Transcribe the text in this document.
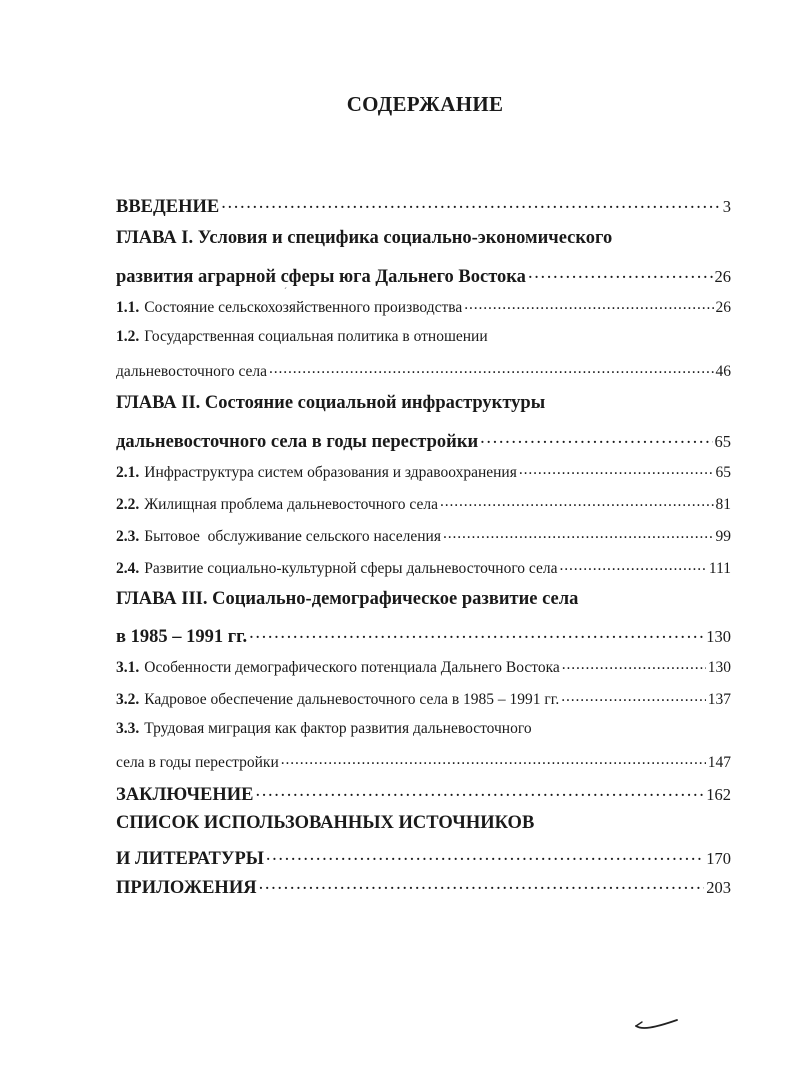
СОДЕРЖАНИЕ
ВВЕДЕНИЕ . . .	3
ГЛАВА I. Условия и специфика социально-экономического
развития аграрной сферы юга Дальнего Востока . . .	26
1.1. Состояние сельскохозяйственного производства . . .	26
1.2. Государственная социальная политика в отношении
дальневосточного села . . .	46
ГЛАВА II. Состояние социальной инфраструктуры
дальневосточного села в годы перестройки . . .	65
2.1. Инфраструктура систем образования и здравоохранения . . .	65
2.2. Жилищная проблема дальневосточного села . . .	81
2.3. Бытовое  обслуживание сельского населения . . .	99
2.4. Развитие социально-культурной сферы дальневосточного села . . .	111
ГЛАВА III. Социально-демографическое развитие села
в 1985 – 1991 гг. . . .	130
3.1. Особенности демографического потенциала Дальнего Востока . . .	130
3.2. Кадровое обеспечение дальневосточного села в 1985 – 1991 гг. . . .	137
3.3. Трудовая миграция как фактор развития дальневосточного
села в годы перестройки . . .	147
ЗАКЛЮЧЕНИЕ . . .	162
СПИСОК ИСПОЛЬЗОВАННЫХ ИСТОЧНИКОВ
И ЛИТЕРАТУРЫ . . .	170
ПРИЛОЖЕНИЯ . . .	203
ˊ
